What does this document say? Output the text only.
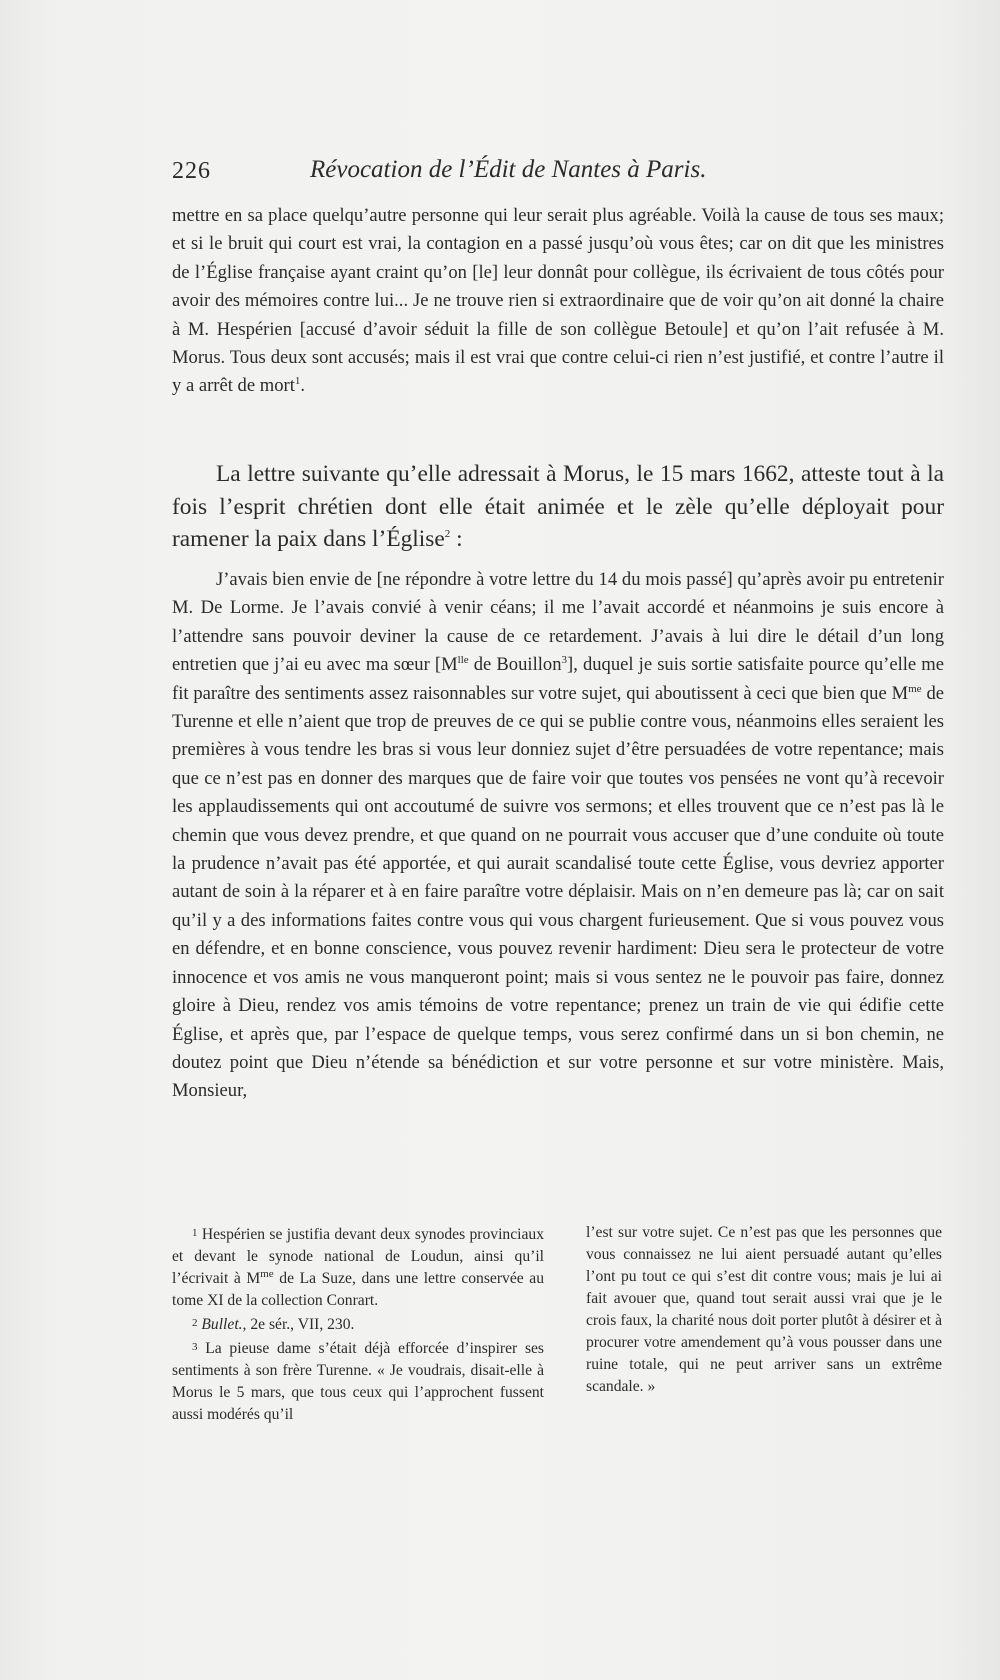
226	Révocation de l’Édit de Nantes à Paris.

mettre en sa place quelqu’autre personne qui leur serait plus agréable. Voilà la cause de tous ses maux; et si le bruit qui court est vrai, la contagion en a passé jusqu’où vous êtes; car on dit que les ministres de l’Église française ayant craint qu’on [le] leur donnât pour collègue, ils écrivaient de tous côtés pour avoir des mémoires contre lui... Je ne trouve rien si extraordinaire que de voir qu’on ait donné la chaire à M. Hespérien [accusé d’avoir séduit la fille de son collègue Betoule] et qu’on l’ait refusée à M. Morus. Tous deux sont accusés; mais il est vrai que contre celui-ci rien n’est justifié, et contre l’autre il y a arrêt de mort$^1$.

La lettre suivante qu’elle adressait à Morus, le 15 mars 1662, atteste tout à la fois l’esprit chrétien dont elle était animée et le zèle qu’elle déployait pour ramener la paix dans l’Église$^2$ :

J’avais bien envie de [ne répondre à votre lettre du 14 du mois passé] qu’après avoir pu entretenir M. De Lorme. Je l’avais convié à venir céans; il me l’avait accordé et néanmoins je suis encore à l’attendre sans pouvoir deviner la cause de ce retardement. J’avais à lui dire le détail d’un long entretien que j’ai eu avec ma sœur [$M^{lle}$ de Bouillon$^3$], duquel je suis sortie satisfaite pource qu’elle me fit paraître des sentiments assez raisonnables sur votre sujet, qui aboutissent à ceci que bien que $M^{me}$ de Turenne et elle n’aient que trop de preuves de ce qui se publie contre vous, néanmoins elles seraient les premières à vous tendre les bras si vous leur donniez sujet d’être persuadées de votre repentance; mais que ce n’est pas en donner des marques que de faire voir que toutes vos pensées ne vont qu’à recevoir les applaudissements qui ont accoutumé de suivre vos sermons; et elles trouvent que ce n’est pas là le chemin que vous devez prendre, et que quand on ne pourrait vous accuser que d’une conduite où toute la prudence n’avait pas été apportée, et qui aurait scandalisé toute cette Église, vous devriez apporter autant de soin à la réparer et à en faire paraître votre déplaisir. Mais on n’en demeure pas là; car on sait qu’il y a des informations faites contre vous qui vous chargent furieusement. Que si vous pouvez vous en défendre, et en bonne conscience, vous pouvez revenir hardiment: Dieu sera le protecteur de votre innocence et vos amis ne vous manqueront point; mais si vous sentez ne le pouvoir pas faire, donnez gloire à Dieu, rendez vos amis témoins de votre repentance; prenez un train de vie qui édifie cette Église, et après que, par l’espace de quelque temps, vous serez confirmé dans un si bon chemin, ne doutez point que Dieu n’étende sa bénédiction et sur votre personne et sur votre ministère. Mais, Monsieur,

1 Hespérien se justifia devant deux synodes provinciaux et devant le synode national de Loudun, ainsi qu’il l’écrivait à $M^{me}$ de La Suze, dans une lettre conservée au tome XI de la collection Conrart.

2 Bullet., 2e sér., VII, 230.

3 La pieuse dame s’était déjà efforcée d’inspirer ses sentiments à son frère Turenne. « Je voudrais, disait-elle à Morus le 5 mars, que tous ceux qui l’approchent fussent aussi modérés qu’il

l’est sur votre sujet. Ce n’est pas que les personnes que vous connaissez ne lui aient persuadé autant qu’elles l’ont pu tout ce qui s’est dit contre vous; mais je lui ai fait avouer que, quand tout serait aussi vrai que je le crois faux, la charité nous doit porter plutôt à désirer et à procurer votre amendement qu’à vous pousser dans une ruine totale, qui ne peut arriver sans un extrême scandale. »
